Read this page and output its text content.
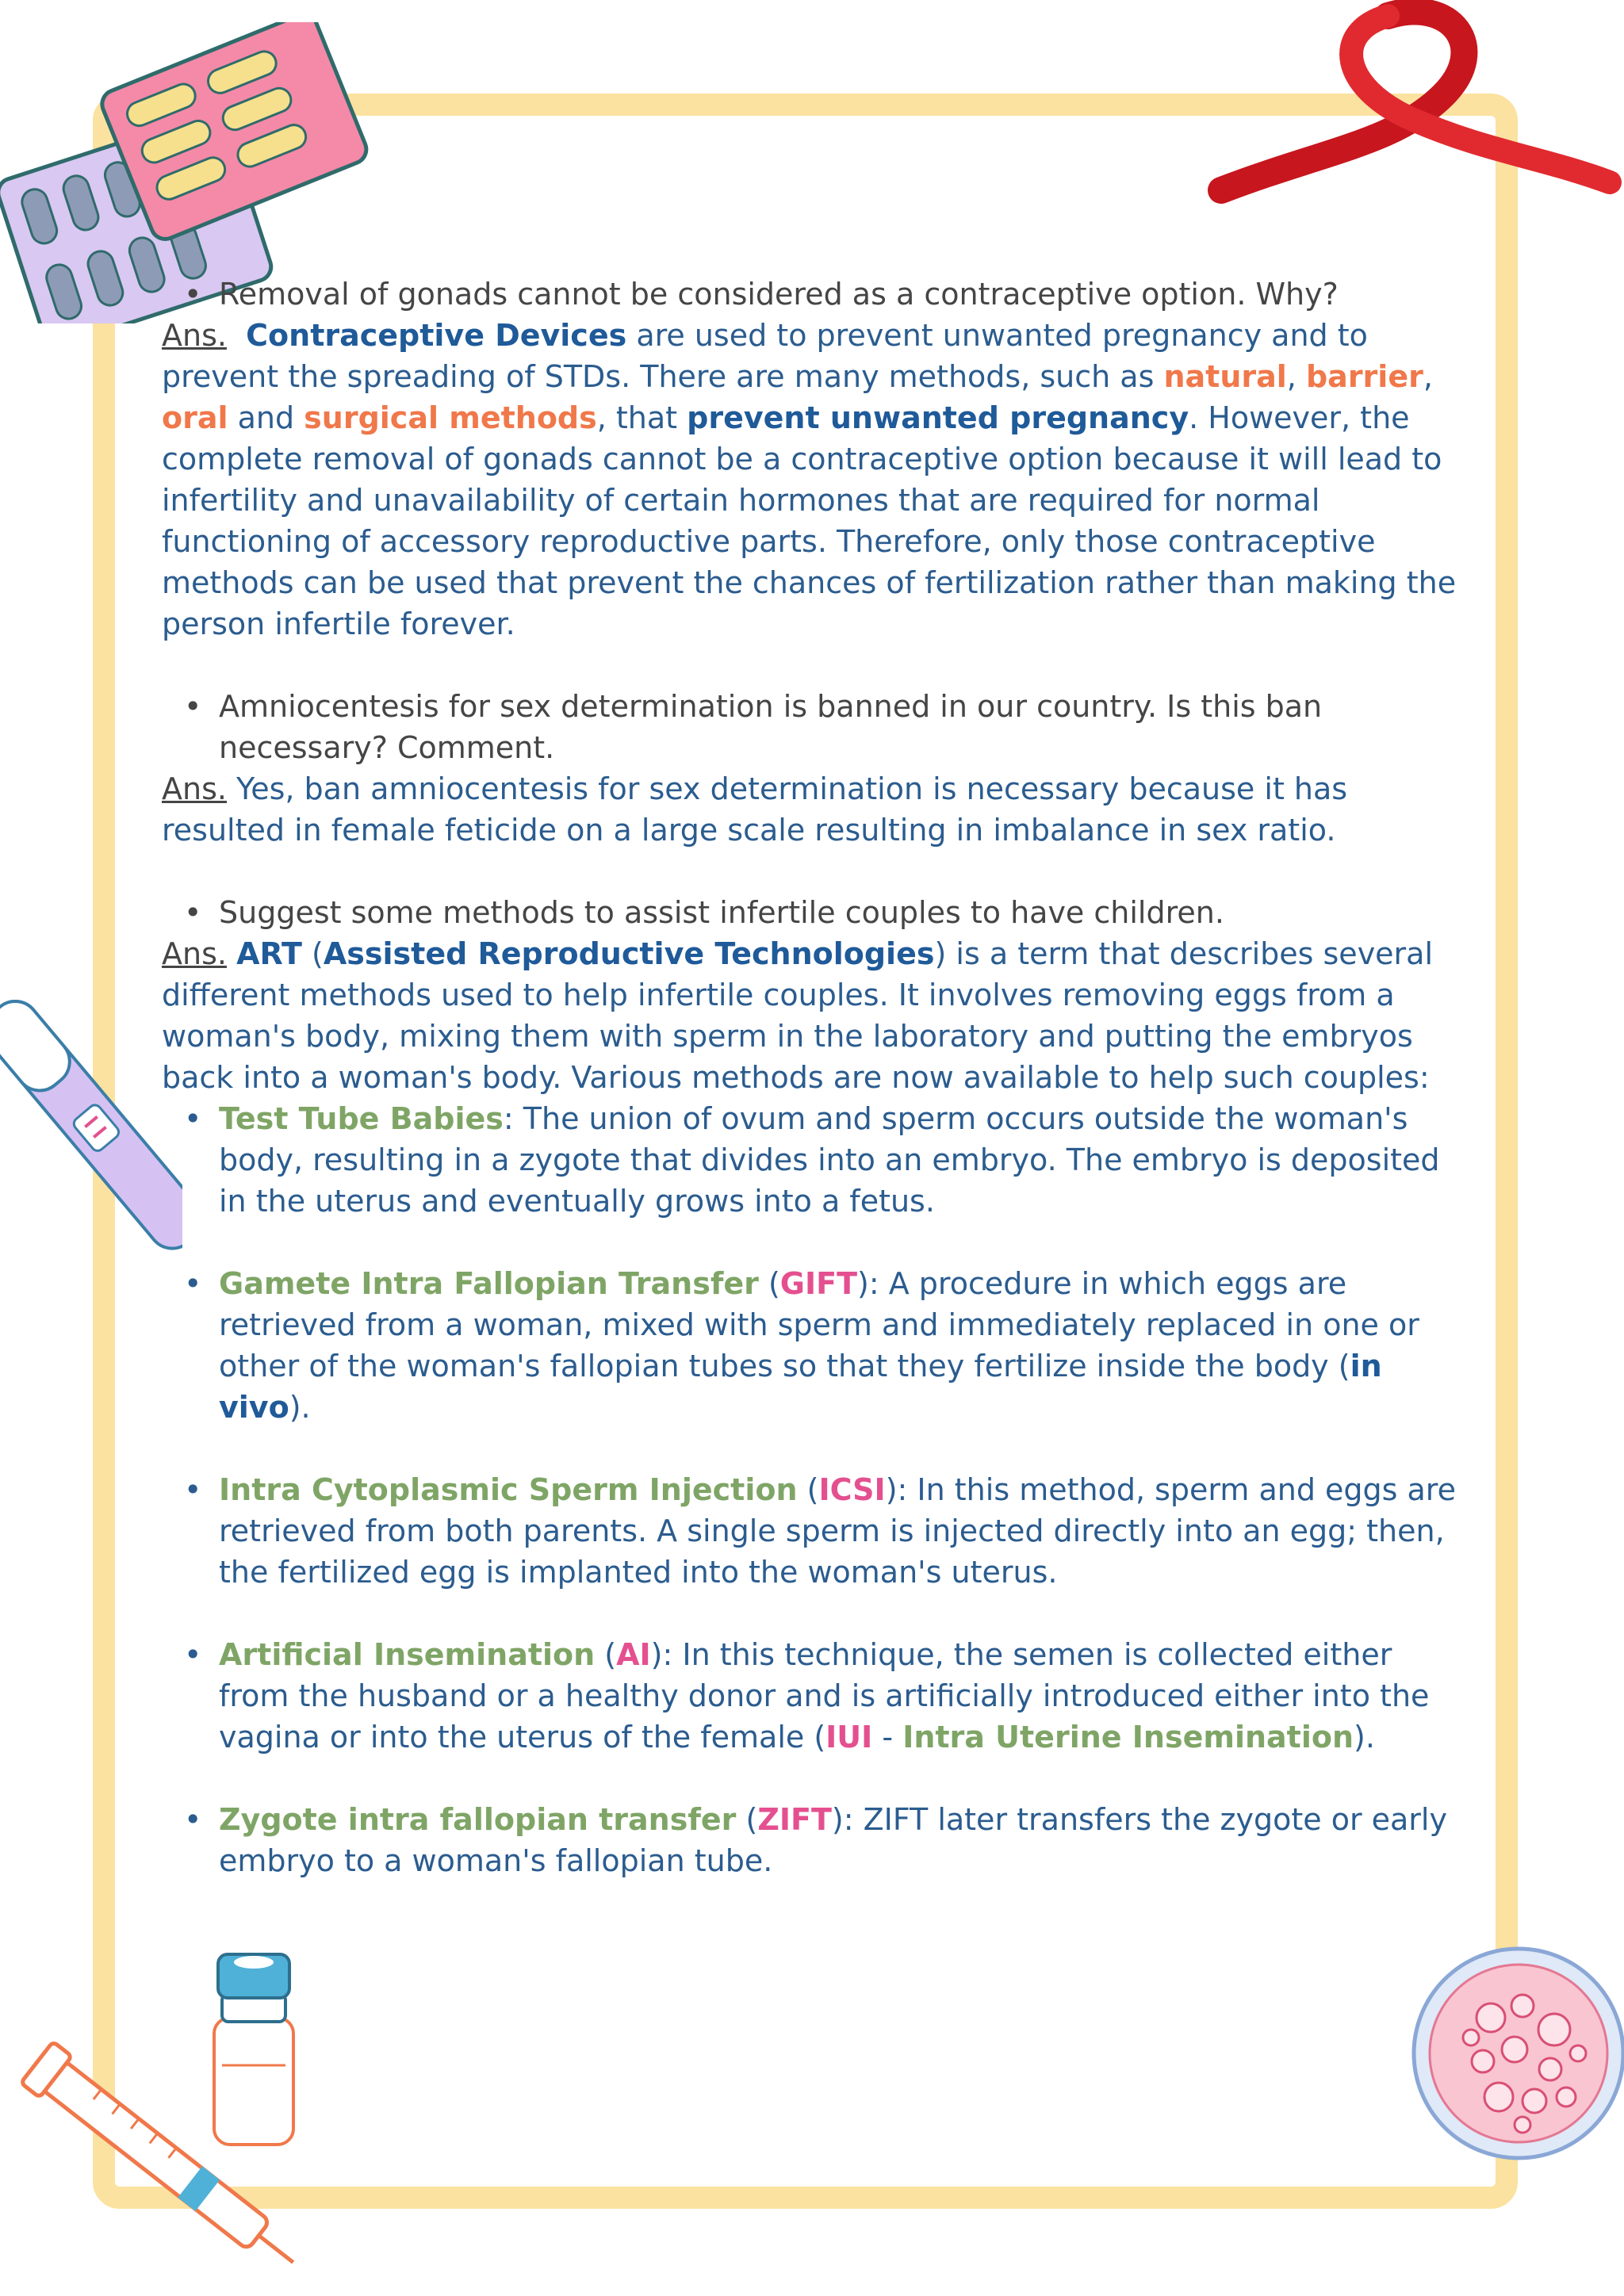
• Removal of gonads cannot be considered as a contraceptive option. Why?
Ans. Contraceptive Devices are used to prevent unwanted pregnancy and to prevent the spreading of STDs. There are many methods, such as natural, barrier, oral and surgical methods, that prevent unwanted pregnancy. However, the complete removal of gonads cannot be a contraceptive option because it will lead to infertility and unavailability of certain hormones that are required for normal functioning of accessory reproductive parts. Therefore, only those contraceptive methods can be used that prevent the chances of fertilization rather than making the person infertile forever.
• Amniocentesis for sex determination is banned in our country. Is this ban necessary? Comment.
Ans. Yes, ban amniocentesis for sex determination is necessary because it has resulted in female feticide on a large scale resulting in imbalance in sex ratio.
• Suggest some methods to assist infertile couples to have children.
Ans. ART (Assisted Reproductive Technologies) is a term that describes several different methods used to help infertile couples. It involves removing eggs from a woman's body, mixing them with sperm in the laboratory and putting the embryos back into a woman's body. Various methods are now available to help such couples:
• Test Tube Babies: The union of ovum and sperm occurs outside the woman's body, resulting in a zygote that divides into an embryo. The embryo is deposited in the uterus and eventually grows into a fetus.
• Gamete Intra Fallopian Transfer (GIFT): A procedure in which eggs are retrieved from a woman, mixed with sperm and immediately replaced in one or other of the woman's fallopian tubes so that they fertilize inside the body (in vivo).
• Intra Cytoplasmic Sperm Injection (ICSI): In this method, sperm and eggs are retrieved from both parents. A single sperm is injected directly into an egg; then, the fertilized egg is implanted into the woman's uterus.
• Artificial Insemination (AI): In this technique, the semen is collected either from the husband or a healthy donor and is artificially introduced either into the vagina or into the uterus of the female (IUI - Intra Uterine Insemination).
• Zygote intra fallopian transfer (ZIFT): ZIFT later transfers the zygote or early embryo to a woman's fallopian tube.
